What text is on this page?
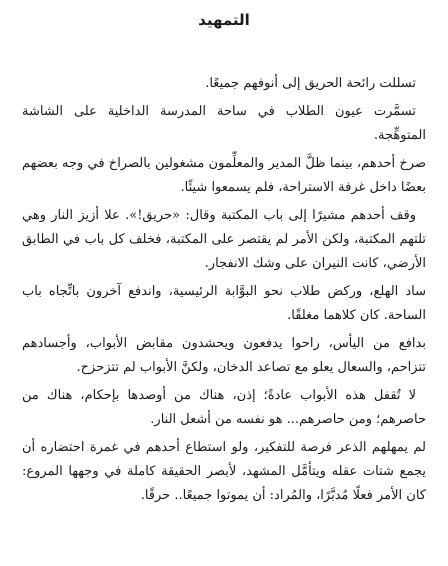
التمهيد

تسللت رائحة الحريق إلى أنوفهم جميعًا.

تسمَّرت عيون الطلاب في ساحة المدرسة الداخلية على الشاشة المتوهِّجة.

صرخ أحدهم، بينما ظلَّ المدير والمعلِّمون مشغولين بالصراخ في وجه بعضهم بعضًا داخل غرفة الاستراحة، فلم يسمعوا شيئًا.

وقف أحدهم مشيرًا إلى باب المكتبة وقال: «حريق!». علا أزيز النار وهي تلتهم المكتبة، ولكن الأمر لم يقتصر على المكتبة، فخلف كل باب في الطابق الأرضي، كانت النيران على وشك الانفجار.

ساد الهلع، وركض طلاب نحو البوَّابة الرئيسية، واندفع آخرون باتِّجاه باب الساحة. كان كلاهما مغلقًا.

بدافع من اليأس، راحوا يدفعون ويحشدون مقابض الأبواب، وأجسادهم تتزاحم، والسعال يعلو مع تصاعد الدخان، ولكنَّ الأبواب لم تتزحزح.

لا تُقفل هذه الأبواب عادةً؛ إذن، هناك من أوصدها بإحكام، هناك من حاصرهم؛ ومن حاصرهم... هو نفسه من أشعل النار.

لم يمهلهم الذعر فرصة للتفكير، ولو استطاع أحدهم في غمرة احتضاره أن يجمع شتات عقله ويتأمَّل المشهد، لأبصر الحقيقة كاملة في وجهها المروع: كان الأمر فعلًا مُدبَّرًا، والمُراد: أن يموتوا جميعًا.. حرقًا.
